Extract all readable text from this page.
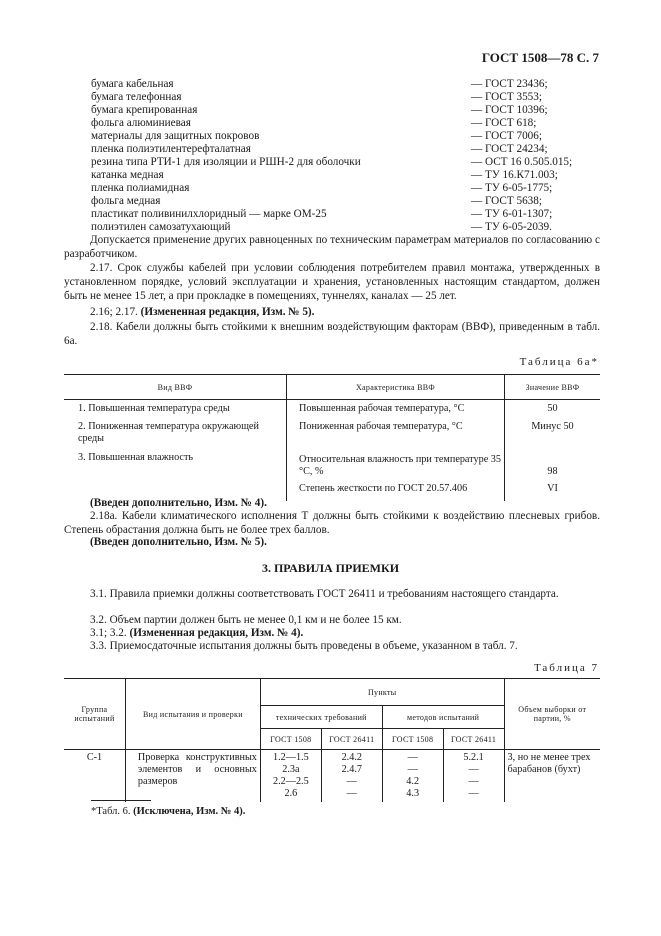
ГОСТ 1508—78 С. 7
бумага кабельная	— ГОСТ 23436;
бумага телефонная	— ГОСТ 3553;
бумага крепированная	— ГОСТ 10396;
фольга алюминиевая	— ГОСТ 618;
материалы для защитных покровов	— ГОСТ 7006;
пленка полиэтилентерефталатная	— ГОСТ 24234;
резина типа РТИ-1 для изоляции и РШН-2 для оболочки	— ОСТ 16 0.505.015;
катанка медная	— ТУ 16.К71.003;
пленка полиамидная	— ТУ 6-05-1775;
фольга медная	— ГОСТ 5638;
пластикат поливинилхлоридный — марке ОМ-25	— ТУ 6-01-1307;
полиэтилен самозатухающий	— ТУ 6-05-2039.
Допускается применение других равноценных по техническим параметрам материалов по согласованию с разработчиком.
2.17. Срок службы кабелей при условии соблюдения потребителем правил монтажа, утвержденных в установленном порядке, условий эксплуатации и хранения, установленных настоящим стандартом, должен быть не менее 15 лет, а при прокладке в помещениях, туннелях, каналах — 25 лет.
2.16; 2.17. (Измененная редакция, Изм. № 5).
2.18. Кабели должны быть стойкими к внешним воздействующим факторам (ВВФ), приведенным в табл. 6а.
Таблица 6а*
Вид ВВФ	Характеристика ВВФ	Значение ВВФ
1. Повышенная температура среды	Повышенная рабочая температура, °С	50
2. Пониженная температура окружающей среды	Пониженная рабочая температура, °С	Минус 50
3. Повышенная влажность	Относительная влажность при температуре 35 °С, %	98
	Степень жесткости по ГОСТ 20.57.406	VI
(Введен дополнительно, Изм. № 4).
2.18а. Кабели климатического исполнения Т должны быть стойкими к воздействию плесневых грибов. Степень обрастания должна быть не более трех баллов.
(Введен дополнительно, Изм. № 5).
3. ПРАВИЛА ПРИЕМКИ
3.1. Правила приемки должны соответствовать ГОСТ 26411 и требованиям настоящего стандарта.
3.2. Объем партии должен быть не менее 0,1 км и не более 15 км.
3.1; 3.2. (Измененная редакция, Изм. № 4).
3.3. Приемосдаточные испытания должны быть проведены в объеме, указанном в табл. 7.
Таблица 7
Группа испытаний	Вид испытания и проверки	Пункты				Объем выборки от партии, %
		технических требований		методов испытаний		
		ГОСТ 1508	ГОСТ 26411	ГОСТ 1508	ГОСТ 26411	
С-1	Проверка конструктивных элементов и основных размеров	1.2—1.5	2.4.2	—	5.2.1	3, но не менее трех барабанов (бухт)
		2.3а	2.4.7	—	—	
		2.2—2.5	—	4.2	—	
		2.6	—	4.3	—	
*Табл. 6. (Исключена, Изм. № 4).
